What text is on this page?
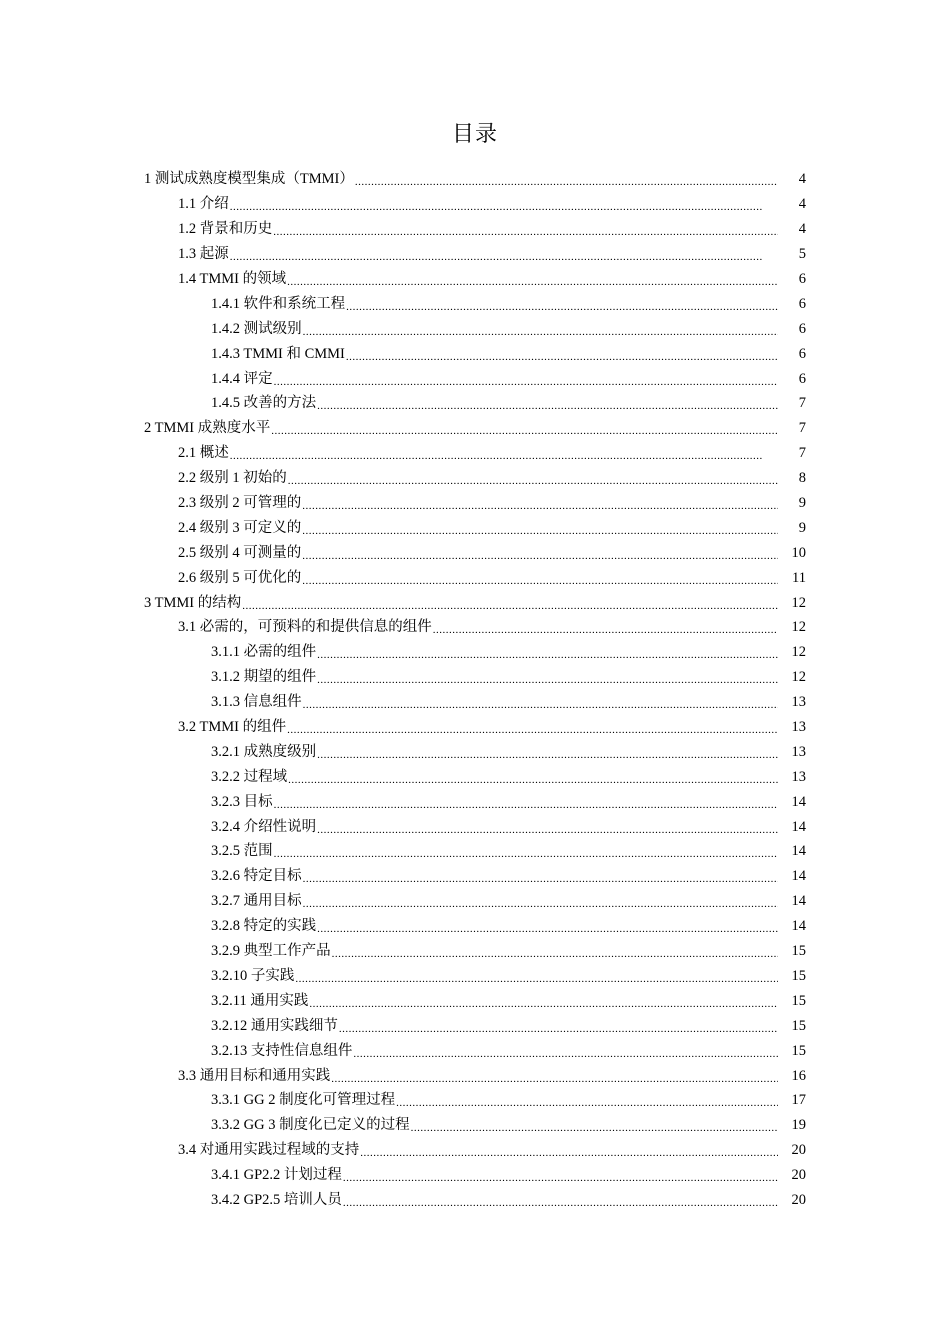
目录
1 测试成熟度模型集成（TMMI） .....	4
1.1 介绍 .....	4
1.2 背景和历史 .....	4
1.3 起源 .....	5
1.4 TMMI 的领域 .....	6
1.4.1 软件和系统工程 .....	6
1.4.2 测试级别 .....	6
1.4.3 TMMI 和 CMMI .....	6
1.4.4 评定 .....	6
1.4.5 改善的方法 .....	7
2 TMMI 成熟度水平 .....	7
2.1 概述 .....	7
2.2 级别 1 初始的 .....	8
2.3 级别 2 可管理的 .....	9
2.4 级别 3 可定义的 .....	9
2.5 级别 4 可测量的 .....	10
2.6 级别 5 可优化的 .....	11
3 TMMI 的结构 .....	12
3.1 必需的，可预料的和提供信息的组件 .....	12
3.1.1 必需的组件 .....	12
3.1.2 期望的组件 .....	12
3.1.3 信息组件 .....	13
3.2 TMMI 的组件 .....	13
3.2.1 成熟度级别 .....	13
3.2.2 过程域 .....	13
3.2.3 目标 .....	14
3.2.4 介绍性说明 .....	14
3.2.5 范围 .....	14
3.2.6 特定目标 .....	14
3.2.7 通用目标 .....	14
3.2.8 特定的实践 .....	14
3.2.9 典型工作产品 .....	15
3.2.10 子实践 .....	15
3.2.11 通用实践 .....	15
3.2.12 通用实践细节 .....	15
3.2.13 支持性信息组件 .....	15
3.3 通用目标和通用实践 .....	16
3.3.1 GG 2 制度化可管理过程 .....	17
3.3.2 GG 3 制度化已定义的过程 .....	19
3.4 对通用实践过程域的支持 .....	20
3.4.1 GP2.2 计划过程 .....	20
3.4.2 GP2.5 培训人员 .....	20
